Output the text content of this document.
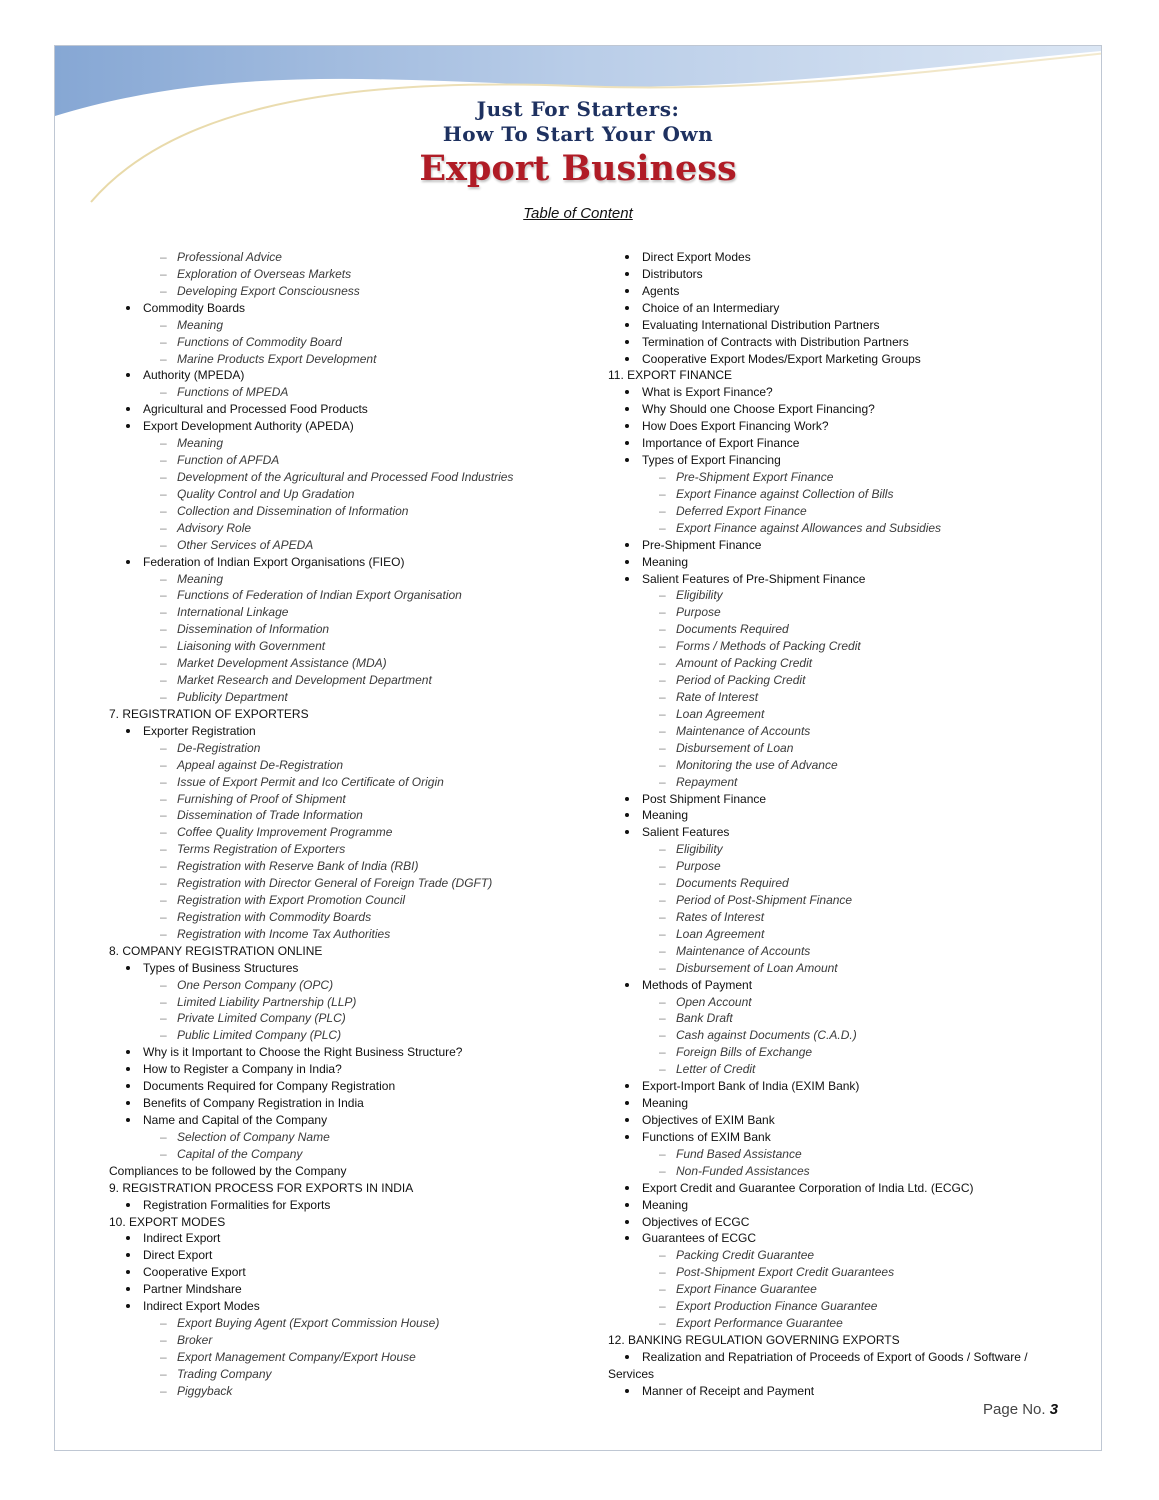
Just For Starters:
How To Start Your Own
Export Business
Table of Content
– Professional Advice
– Exploration of Overseas Markets
– Developing Export Consciousness
Commodity Boards
– Meaning
– Functions of Commodity Board
– Marine Products Export Development
Authority (MPEDA)
– Functions of MPEDA
Agricultural and Processed Food Products
Export Development Authority (APEDA)
– Meaning
– Function of APFDA
– Development of the Agricultural and Processed Food Industries
– Quality Control and Up Gradation
– Collection and Dissemination of Information
– Advisory Role
– Other Services of APEDA
Federation of Indian Export Organisations (FIEO)
– Meaning
– Functions of Federation of Indian Export Organisation
– International Linkage
– Dissemination of Information
– Liaisoning with Government
– Market Development Assistance (MDA)
– Market Research and Development Department
– Publicity Department
7. REGISTRATION OF EXPORTERS
Exporter Registration
– De-Registration
– Appeal against De-Registration
– Issue of Export Permit and Ico Certificate of Origin
– Furnishing of Proof of Shipment
– Dissemination of Trade Information
– Coffee Quality Improvement Programme
– Terms Registration of Exporters
– Registration with Reserve Bank of India (RBI)
– Registration with Director General of Foreign Trade (DGFT)
– Registration with Export Promotion Council
– Registration with Commodity Boards
– Registration with Income Tax Authorities
8. COMPANY REGISTRATION ONLINE
Types of Business Structures
– One Person Company (OPC)
– Limited Liability Partnership (LLP)
– Private Limited Company (PLC)
– Public Limited Company (PLC)
Why is it Important to Choose the Right Business Structure?
How to Register a Company in India?
Documents Required for Company Registration
Benefits of Company Registration in India
Name and Capital of the Company
– Selection of Company Name
– Capital of the Company
Compliances to be followed by the Company
9. REGISTRATION PROCESS FOR EXPORTS IN INDIA
Registration Formalities for Exports
10. EXPORT MODES
Indirect Export
Direct Export
Cooperative Export
Partner Mindshare
Indirect Export Modes
– Export Buying Agent (Export Commission House)
– Broker
– Export Management Company/Export House
– Trading Company
– Piggyback
Direct Export Modes
Distributors
Agents
Choice of an Intermediary
Evaluating International Distribution Partners
Termination of Contracts with Distribution Partners
Cooperative Export Modes/Export Marketing Groups
11. EXPORT FINANCE
What is Export Finance?
Why Should one Choose Export Financing?
How Does Export Financing Work?
Importance of Export Finance
Types of Export Financing
– Pre-Shipment Export Finance
– Export Finance against Collection of Bills
– Deferred Export Finance
– Export Finance against Allowances and Subsidies
Pre-Shipment Finance
Meaning
Salient Features of Pre-Shipment Finance
– Eligibility
– Purpose
– Documents Required
– Forms / Methods of Packing Credit
– Amount of Packing Credit
– Period of Packing Credit
– Rate of Interest
– Loan Agreement
– Maintenance of Accounts
– Disbursement of Loan
– Monitoring the use of Advance
– Repayment
Post Shipment Finance
Meaning
Salient Features
– Eligibility
– Purpose
– Documents Required
– Period of Post-Shipment Finance
– Rates of Interest
– Loan Agreement
– Maintenance of Accounts
– Disbursement of Loan Amount
Methods of Payment
– Open Account
– Bank Draft
– Cash against Documents (C.A.D.)
– Foreign Bills of Exchange
– Letter of Credit
Export-Import Bank of India (EXIM Bank)
Meaning
Objectives of EXIM Bank
Functions of EXIM Bank
– Fund Based Assistance
– Non-Funded Assistances
Export Credit and Guarantee Corporation of India Ltd. (ECGC)
Meaning
Objectives of ECGC
Guarantees of ECGC
– Packing Credit Guarantee
– Post-Shipment Export Credit Guarantees
– Export Finance Guarantee
– Export Production Finance Guarantee
– Export Performance Guarantee
12. BANKING REGULATION GOVERNING EXPORTS
Realization and Repatriation of Proceeds of Export of Goods / Software /
Services
Manner of Receipt and Payment
Page No. 3
